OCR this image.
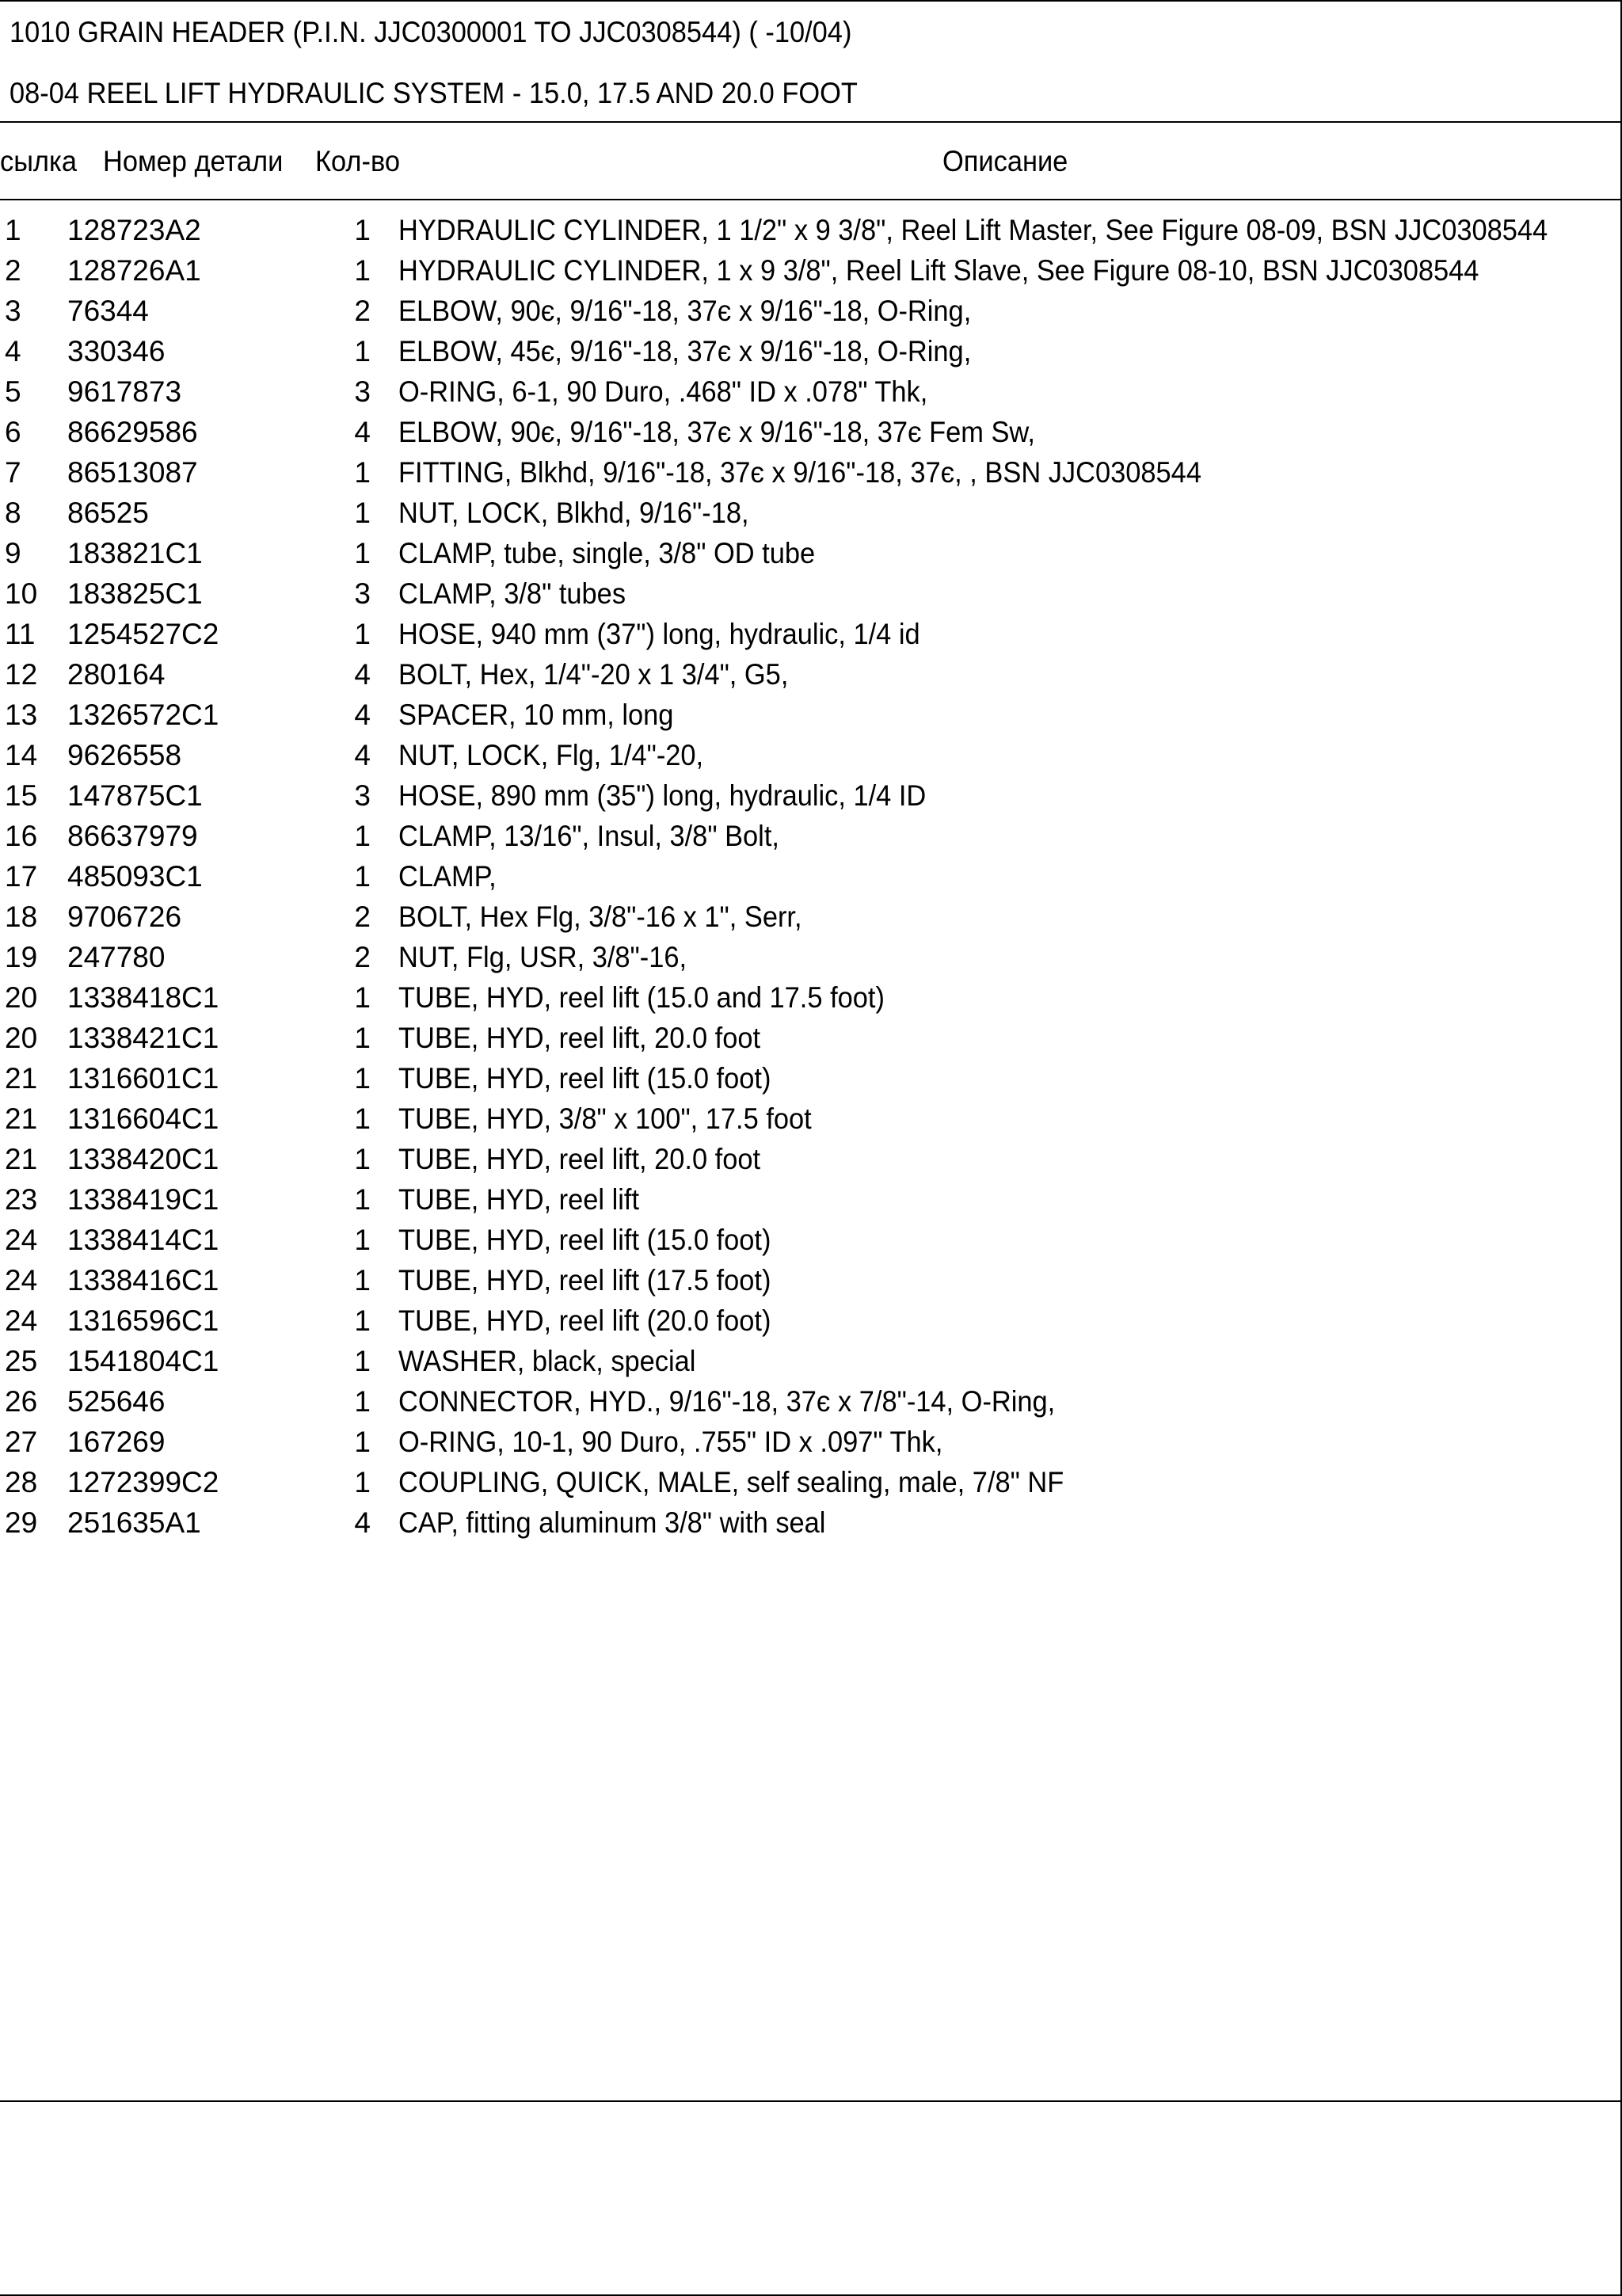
1010 GRAIN HEADER (P.I.N. JJC0300001 TO JJC0308544) ( -10/04)
08-04 REEL LIFT HYDRAULIC SYSTEM - 15.0, 17.5 AND 20.0 FOOT
сылка Номер детали Кол-во	Описание
1 128723A2	1 HYDRAULIC CYLINDER, 1 1/2" x 9 3/8", Reel Lift Master, See Figure 08-09, BSN JJC0308544
2 128726A1	1 HYDRAULIC CYLINDER, 1 x 9 3/8", Reel Lift Slave, See Figure 08-10, BSN JJC0308544
3 76344	2 ELBOW, 90є, 9/16"-18, 37є x 9/16"-18, O-Ring,
4 330346	1 ELBOW, 45є, 9/16"-18, 37є x 9/16"-18, O-Ring,
5 9617873	3 O-RING, 6-1, 90 Duro, .468" ID x .078" Thk,
6 86629586	4 ELBOW, 90є, 9/16"-18, 37є x 9/16"-18, 37є Fem Sw,
7 86513087	1 FITTING, Blkhd, 9/16"-18, 37є x 9/16"-18, 37є, , BSN JJC0308544
8 86525	1 NUT, LOCK, Blkhd, 9/16"-18,
9 183821C1	1 CLAMP, tube, single, 3/8" OD tube
10 183825C1	3 CLAMP, 3/8" tubes
11 1254527C2	1 HOSE, 940 mm (37") long, hydraulic, 1/4 id
12 280164	4 BOLT, Hex, 1/4"-20 x 1 3/4", G5,
13 1326572C1	4 SPACER, 10 mm, long
14 9626558	4 NUT, LOCK, Flg, 1/4"-20,
15 147875C1	3 HOSE, 890 mm (35") long, hydraulic, 1/4 ID
16 86637979	1 CLAMP, 13/16", Insul, 3/8" Bolt,
17 485093C1	1 CLAMP,
18 9706726	2 BOLT, Hex Flg, 3/8"-16 x 1", Serr,
19 247780	2 NUT, Flg, USR, 3/8"-16,
20 1338418C1	1 TUBE, HYD, reel lift (15.0 and 17.5 foot)
20 1338421C1	1 TUBE, HYD, reel lift, 20.0 foot
21 1316601C1	1 TUBE, HYD, reel lift (15.0 foot)
21 1316604C1	1 TUBE, HYD, 3/8" x 100", 17.5 foot
21 1338420C1	1 TUBE, HYD, reel lift, 20.0 foot
23 1338419C1	1 TUBE, HYD, reel lift
24 1338414C1	1 TUBE, HYD, reel lift (15.0 foot)
24 1338416C1	1 TUBE, HYD, reel lift (17.5 foot)
24 1316596C1	1 TUBE, HYD, reel lift (20.0 foot)
25 1541804C1	1 WASHER, black, special
26 525646	1 CONNECTOR, HYD., 9/16"-18, 37є x 7/8"-14, O-Ring,
27 167269	1 O-RING, 10-1, 90 Duro, .755" ID x .097" Thk,
28 1272399C2	1 COUPLING, QUICK, MALE, self sealing, male, 7/8" NF
29 251635A1	4 CAP, fitting aluminum 3/8" with seal
